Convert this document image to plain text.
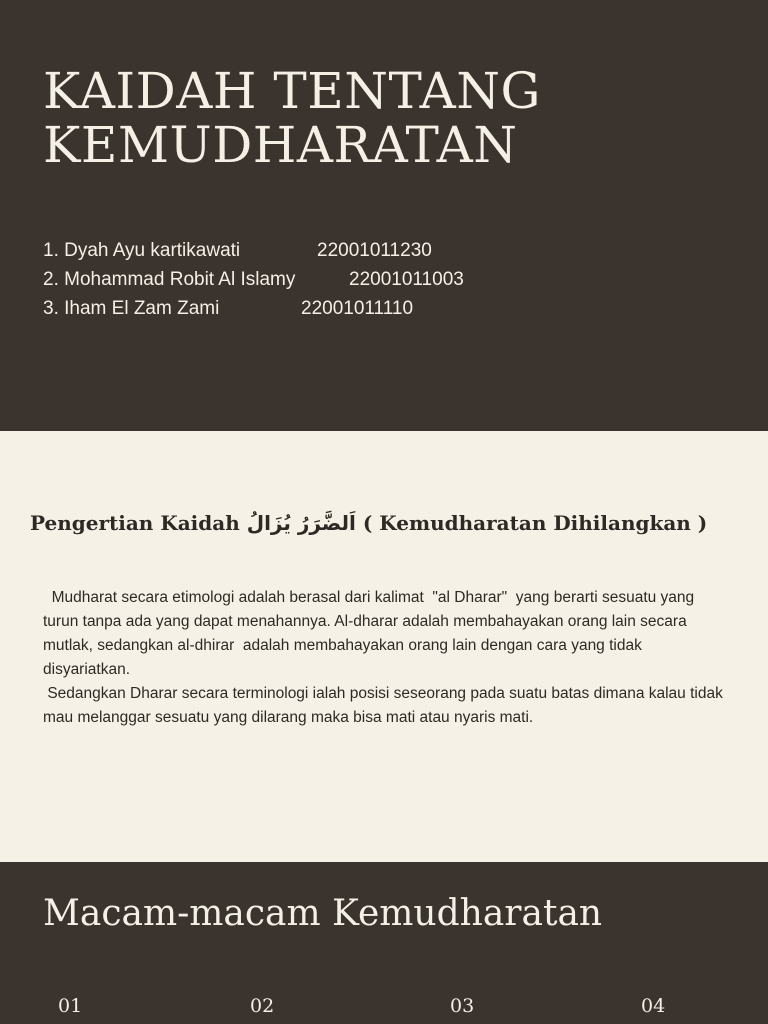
KAIDAH TENTANG
KEMUDHARATAN
1. Dyah Ayu kartikawati	22001011230
2. Mohammad Robit Al Islamy	22001011003
3. Iham El Zam Zami	22001011110
Pengertian Kaidah اَلضَّرَرُ يُزَالُ ( Kemudharatan Dihilangkan )

Mudharat secara etimologi adalah berasal dari kalimat  "al Dharar"  yang berarti sesuatu yang turun tanpa ada yang dapat menahannya. Al-dharar adalah membahayakan orang lain secara mutlak, sedangkan al-dhirar  adalah membahayakan orang lain dengan cara yang tidak disyariatkan.

Sedangkan Dharar secara terminologi ialah posisi seseorang pada suatu batas dimana kalau tidak mau melanggar sesuatu yang dilarang maka bisa mati atau nyaris mati.

Macam-macam Kemudharatan
01	02	03	04
